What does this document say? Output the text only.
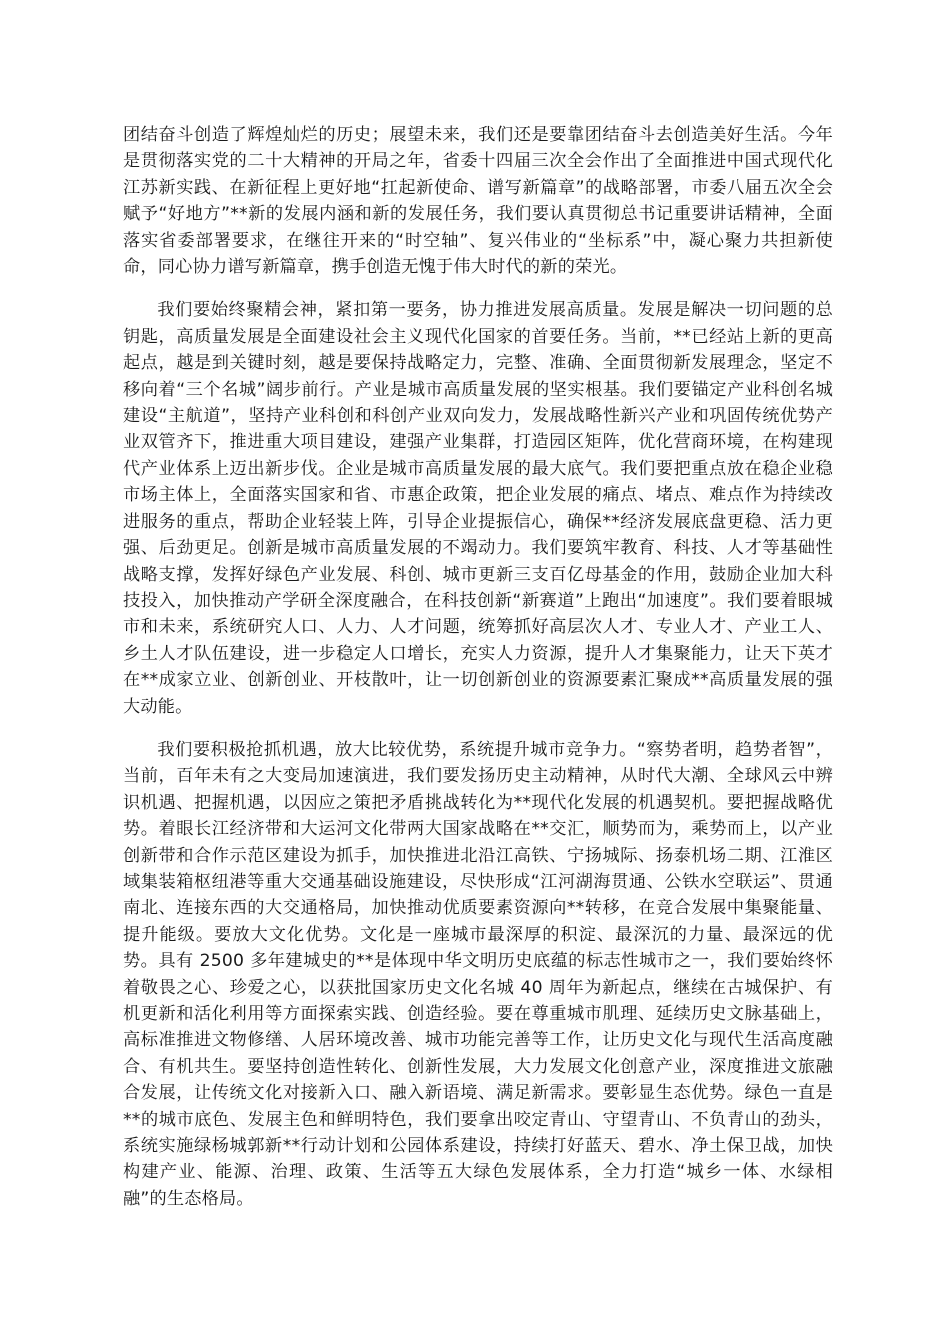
团结奋斗创造了辉煌灿烂的历史；展望未来，我们还是要靠团结奋斗去创造美好生活。今年是贯彻落实党的二十大精神的开局之年，省委十四届三次全会作出了全面推进中国式现代化江苏新实践、在新征程上更好地“扛起新使命、谱写新篇章”的战略部署，市委八届五次全会赋予“好地方”**新的发展内涵和新的发展任务，我们要认真贯彻总书记重要讲话精神，全面落实省委部署要求，在继往开来的“时空轴”、复兴伟业的“坐标系”中，凝心聚力共担新使命，同心协力谱写新篇章，携手创造无愧于伟大时代的新的荣光。

我们要始终聚精会神，紧扣第一要务，协力推进发展高质量。发展是解决一切问题的总钥匙，高质量发展是全面建设社会主义现代化国家的首要任务。当前，**已经站上新的更高起点，越是到关键时刻，越是要保持战略定力，完整、准确、全面贯彻新发展理念，坚定不移向着“三个名城”阔步前行。产业是城市高质量发展的坚实根基。我们要锚定产业科创名城建设“主航道”，坚持产业科创和科创产业双向发力，发展战略性新兴产业和巩固传统优势产业双管齐下，推进重大项目建设，建强产业集群，打造园区矩阵，优化营商环境，在构建现代产业体系上迈出新步伐。企业是城市高质量发展的最大底气。我们要把重点放在稳企业稳市场主体上，全面落实国家和省、市惠企政策，把企业发展的痛点、堵点、难点作为持续改进服务的重点，帮助企业轻装上阵，引导企业提振信心，确保**经济发展底盘更稳、活力更强、后劲更足。创新是城市高质量发展的不竭动力。我们要筑牢教育、科技、人才等基础性战略支撑，发挥好绿色产业发展、科创、城市更新三支百亿母基金的作用，鼓励企业加大科技投入，加快推动产学研全深度融合，在科技创新“新赛道”上跑出“加速度”。我们要着眼城市和未来，系统研究人口、人力、人才问题，统筹抓好高层次人才、专业人才、产业工人、乡土人才队伍建设，进一步稳定人口增长，充实人力资源，提升人才集聚能力，让天下英才在**成家立业、创新创业、开枝散叶，让一切创新创业的资源要素汇聚成**高质量发展的强大动能。

我们要积极抢抓机遇，放大比较优势，系统提升城市竞争力。“察势者明，趋势者智”，当前，百年未有之大变局加速演进，我们要发扬历史主动精神，从时代大潮、全球风云中辨识机遇、把握机遇，以因应之策把矛盾挑战转化为**现代化发展的机遇契机。要把握战略优势。着眼长江经济带和大运河文化带两大国家战略在**交汇，顺势而为，乘势而上，以产业创新带和合作示范区建设为抓手，加快推进北沿江高铁、宁扬城际、扬泰机场二期、江淮区域集装箱枢纽港等重大交通基础设施建设，尽快形成“江河湖海贯通、公铁水空联运”、贯通南北、连接东西的大交通格局，加快推动优质要素资源向**转移，在竞合发展中集聚能量、提升能级。要放大文化优势。文化是一座城市最深厚的积淀、最深沉的力量、最深远的优势。具有 2500 多年建城史的**是体现中华文明历史底蕴的标志性城市之一，我们要始终怀着敬畏之心、珍爱之心，以获批国家历史文化名城 40 周年为新起点，继续在古城保护、有机更新和活化利用等方面探索实践、创造经验。要在尊重城市肌理、延续历史文脉基础上，高标准推进文物修缮、人居环境改善、城市功能完善等工作，让历史文化与现代生活高度融合、有机共生。要坚持创造性转化、创新性发展，大力发展文化创意产业，深度推进文旅融合发展，让传统文化对接新入口、融入新语境、满足新需求。要彰显生态优势。绿色一直是**的城市底色、发展主色和鲜明特色，我们要拿出咬定青山、守望青山、不负青山的劲头，系统实施绿杨城郭新**行动计划和公园体系建设，持续打好蓝天、碧水、净土保卫战，加快构建产业、能源、治理、政策、生活等五大绿色发展体系，全力打造“城乡一体、水绿相融”的生态格局。
